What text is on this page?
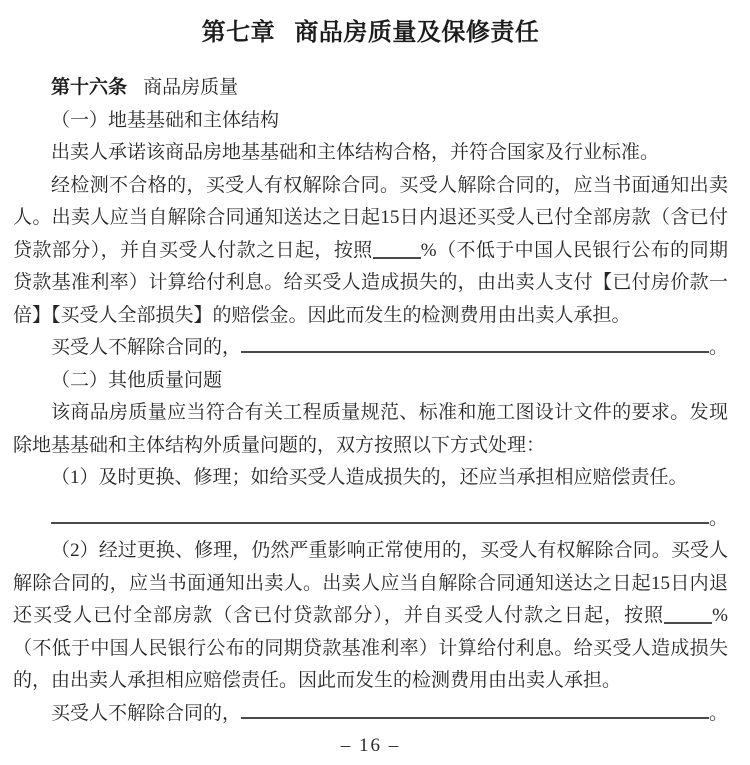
第七章 商品房质量及保修责任

第十六条 商品房质量

（一）地基基础和主体结构

出卖人承诺该商品房地基基础和主体结构合格，并符合国家及行业标准。

经检测不合格的，买受人有权解除合同。买受人解除合同的，应当书面通知出卖人。出卖人应当自解除合同通知送达之日起15日内退还买受人已付全部房款（含已付贷款部分），并自买受人付款之日起，按照	%（不低于中国人民银行公布的同期贷款基准利率）计算给付利息。给买受人造成损失的，由出卖人支付【已付房价款一倍】【买受人全部损失】的赔偿金。因此而发生的检测费用由出卖人承担。

买受人不解除合同的，	。

（二）其他质量问题

该商品房质量应当符合有关工程质量规范、标准和施工图设计文件的要求。发现除地基基础和主体结构外质量问题的，双方按照以下方式处理：

（1）及时更换、修理；如给买受人造成损失的，还应当承担相应赔偿责任。

。

（2）经过更换、修理，仍然严重影响正常使用的，买受人有权解除合同。买受人解除合同的，应当书面通知出卖人。出卖人应当自解除合同通知送达之日起15日内退还买受人已付全部房款（含已付贷款部分），并自买受人付款之日起，按照	%（不低于中国人民银行公布的同期贷款基准利率）计算给付利息。给买受人造成损失的，由出卖人承担相应赔偿责任。因此而发生的检测费用由出卖人承担。

买受人不解除合同的，	。
– 16 –
